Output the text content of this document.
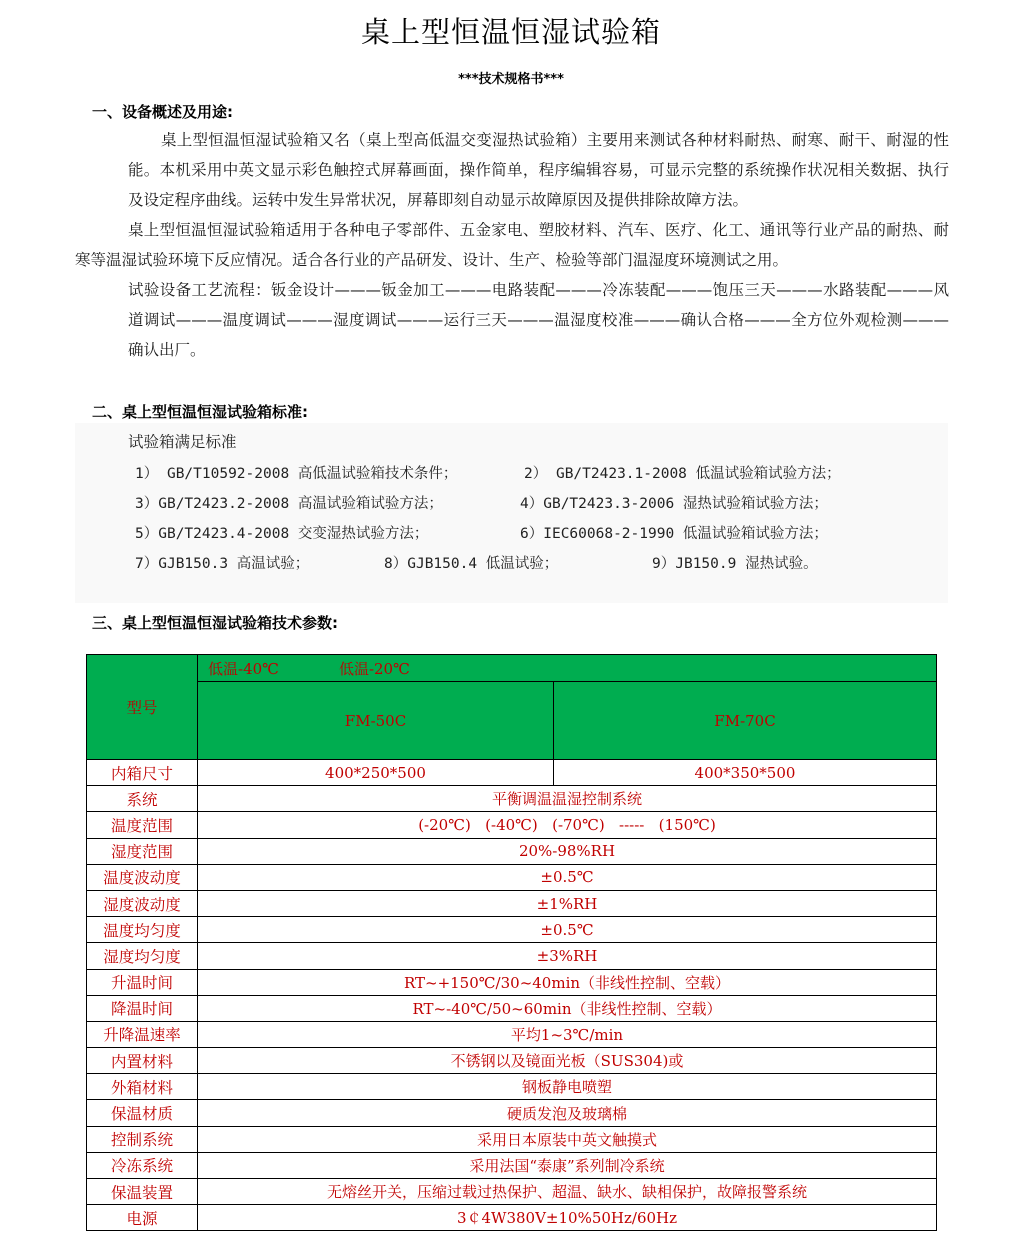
桌上型恒温恒湿试验箱
***技术规格书***
一、设备概述及用途:

桌上型恒温恒湿试验箱又名（桌上型高低温交变湿热试验箱）主要用来测试各种材料耐热、耐寒、耐干、耐湿的性能。本机采用中英文显示彩色触控式屏幕画面，操作简单，程序编辑容易，可显示完整的系统操作状况相关数据、执行及设定程序曲线。运转中发生异常状况，屏幕即刻自动显示故障原因及提供排除故障方法。

桌上型恒温恒湿试验箱适用于各种电子零部件、五金家电、塑胶材料、汽车、医疗、化工、通讯等行业产品的耐热、耐寒等温湿试验环境下反应情况。适合各行业的产品研发、设计、生产、检验等部门温湿度环境测试之用。

试验设备工艺流程：钣金设计———钣金加工———电路装配———冷冻装配———饱压三天———水路装配———风道调试———温度调试———湿度调试———运行三天———温湿度校准———确认合格———全方位外观检测———确认出厂。

二、桌上型恒温恒湿试验箱标准:
试验箱满足标准
1） GB/T10592-2008 高低温试验箱技术条件；	2） GB/T2423.1-2008 低温试验箱试验方法；
3）GB/T2423.2-2008 高温试验箱试验方法；	4）GB/T2423.3-2006 湿热试验箱试验方法；
5）GB/T2423.4-2008 交变湿热试验方法；	6）IEC60068-2-1990 低温试验箱试验方法；
7）GJB150.3 高温试验；	8）GJB150.4 低温试验；	9）JB150.9 湿热试验。
三、桌上型恒温恒湿试验箱技术参数:
型号	低温-40℃ 低温-20℃	
	FM-50C	FM-70C
内箱尺寸	400*250*500	400*350*500
系统	平衡调温温湿控制系统	
温度范围	(-20℃)   (-40℃)   (-70℃)   -----   (150℃)	
湿度范围	20%-98%RH	
温度波动度	±0.5℃	
湿度波动度	±1%RH	
温度均匀度	±0.5℃	
湿度均匀度	±3%RH	
升温时间	RT~+150℃/30~40min（非线性控制、空载）	
降温时间	RT~-40℃/50~60min（非线性控制、空载）	
升降温速率	平均1~3℃/min	
内置材料	不锈钢以及镜面光板（SUS304)或	
外箱材料	钢板静电喷塑	
保温材质	硬质发泡及玻璃棉	
控制系统	采用日本原装中英文触摸式	
冷冻系统	采用法国“泰康”系列制冷系统	
保温装置	无熔丝开关，压缩过载过热保护、超温、缺水、缺相保护，故障报警系统	
电源	3￠4W380V±10%50Hz/60Hz	
